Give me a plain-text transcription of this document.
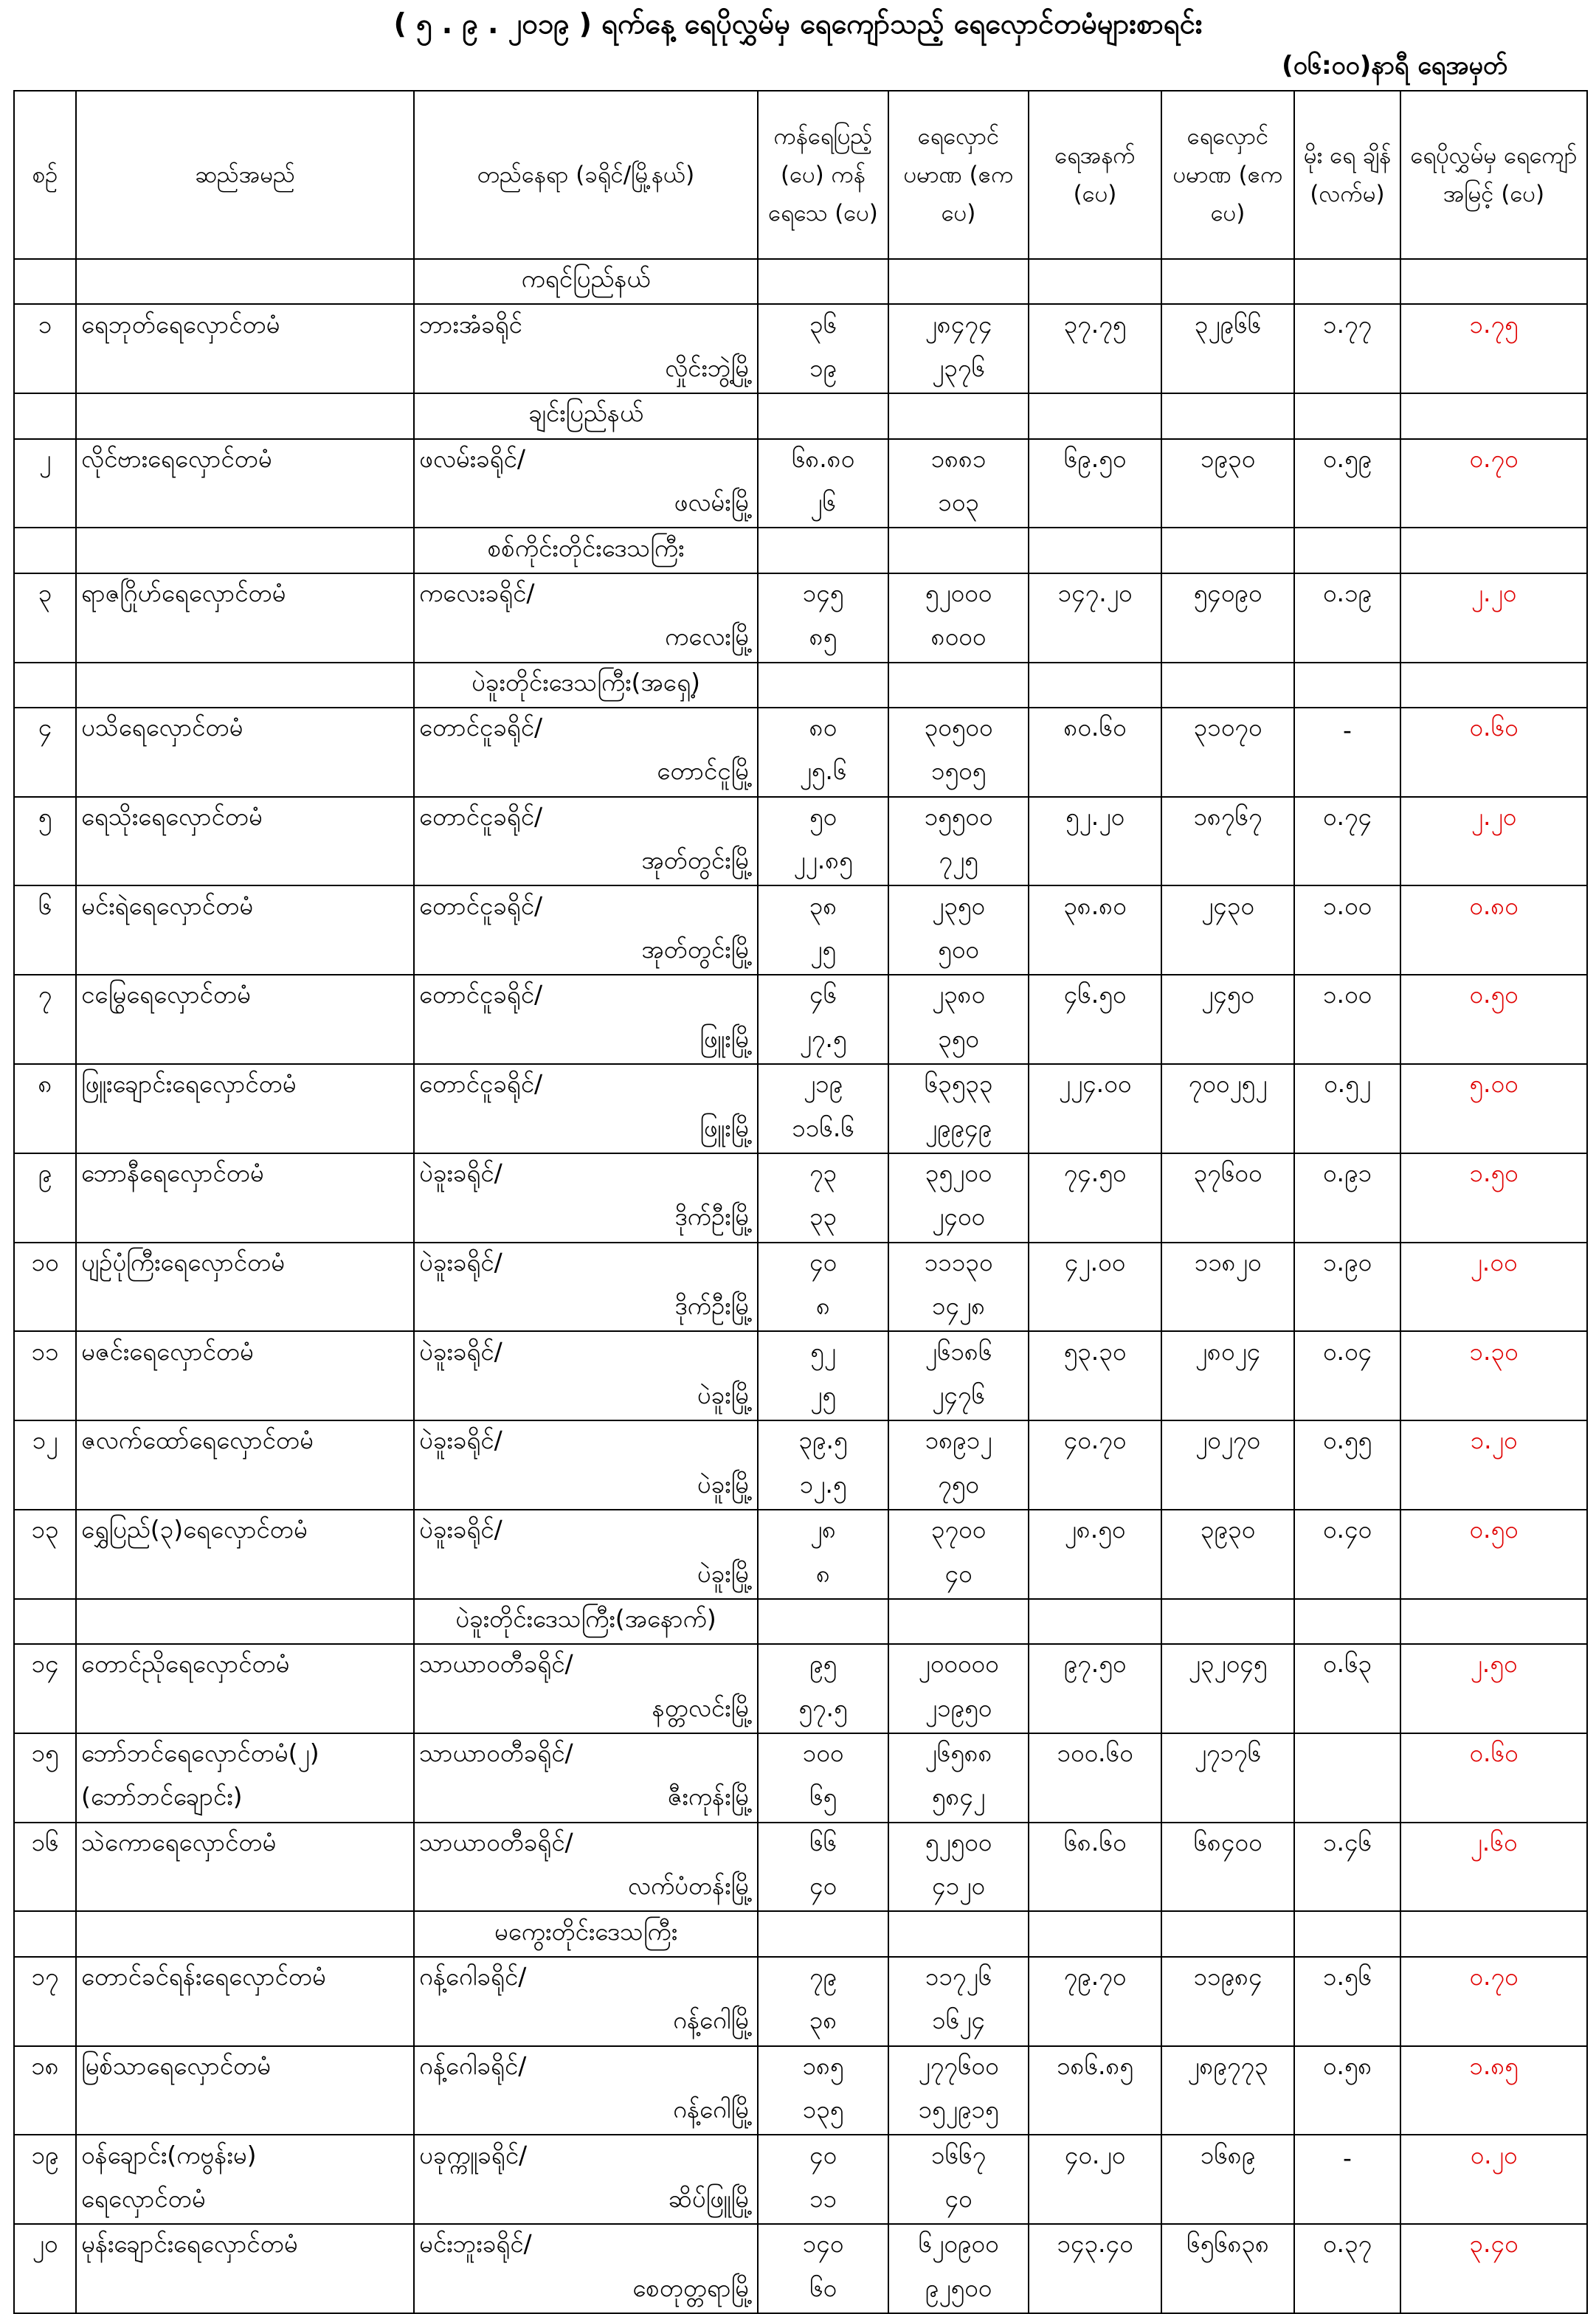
( ၅ . ၉ . ၂၀၁၉ ) ရက်နေ့ ရေပိုလွှမ်မှ ရေကျော်သည့် ရေလှောင်တမံများစာရင်း
(၀၆:၀၀)နာရီ ရေအမှတ်
စဉ်	ဆည်အမည်	တည်နေရာ (ခရိုင်/မြို့နယ်)	ကန်ရေပြည့် (ပေ) ကန်ရေသေ (ပေ)	ရေလှောင် ပမာဏ (ဧကပေ)	ရေအနက် (ပေ)	ရေလှောင် ပမာဏ (ဧကပေ)	မိုး ရေ ချိန် (လက်မ)	ရေပိုလွှမ်မှ ရေကျော် အမြင့် (ပေ)
		ကရင်ပြည်နယ်						
၁	ရေဘုတ်ရေလှောင်တမံ	ဘားအံခရိုင်	၃၆	၂၈၄၇၄	၃၇.၇၅	၃၂၉၆၆	၁.၇၇	၁.၇၅
		လှိုင်းဘွဲ့မြို့	၁၉	၂၃၇၆				
		ချင်းပြည်နယ်						
၂	လိုင်ဗားရေလှောင်တမံ	ဖလမ်းခရိုင်/	၆၈.၈၀	၁၈၈၁	၆၉.၅၀	၁၉၃၀	၀.၅၉	၀.၇၀
		ဖလမ်းမြို့	၂၆	၁၀၃				
		စစ်ကိုင်းတိုင်းဒေသကြီး						
၃	ရာဇဂြိုဟ်ရေလှောင်တမံ	ကလေးခရိုင်/	၁၄၅	၅၂၀၀၀	၁၄၇.၂၀	၅၄၀၉၀	၀.၁၉	၂.၂၀
		ကလေးမြို့	၈၅	၈၀၀၀				
		ပဲခူးတိုင်းဒေသကြီး(အရှေ့)						
၄	ပသိရေလှောင်တမံ	တောင်ငူခရိုင်/	၈၀	၃၀၅၀၀	၈၀.၆၀	၃၁၀၇၀	-	၀.၆၀
		တောင်ငူမြို့	၂၅.၆	၁၅၀၅				
၅	ရေသိုးရေလှောင်တမံ	တောင်ငူခရိုင်/	၅၀	၁၅၅၀၀	၅၂.၂၀	၁၈၇၆၇	၀.၇၄	၂.၂၀
		အုတ်တွင်းမြို့	၂၂.၈၅	၇၂၅				
၆	မင်းရဲရေလှောင်တမံ	တောင်ငူခရိုင်/	၃၈	၂၃၅၀	၃၈.၈၀	၂၄၃၀	၁.၀၀	၀.၈၀
		အုတ်တွင်းမြို့	၂၅	၅၀၀				
၇	ငမြွေရေလှောင်တမံ	တောင်ငူခရိုင်/	၄၆	၂၃၈၀	၄၆.၅၀	၂၄၅၀	၁.၀၀	၀.၅၀
		ဖြူးမြို့	၂၇.၅	၃၅၀				
၈	ဖြူးချောင်းရေလှောင်တမံ	တောင်ငူခရိုင်/	၂၁၉	၆၃၅၃၃	၂၂၄.၀၀	၇၀၀၂၅၂	၀.၅၂	၅.၀၀
		ဖြူးမြို့	၁၁၆.၆	၂၉၉၄၉				
၉	ဘောနီရေလှောင်တမံ	ပဲခူးခရိုင်/	၇၃	၃၅၂၀၀	၇၄.၅၀	၃၇၆၀၀	၀.၉၁	၁.၅၀
		ဒိုက်ဦးမြို့	၃၃	၂၄၀၀				
၁၀	ပျဉ်ပုံကြီးရေလှောင်တမံ	ပဲခူးခရိုင်/	၄၀	၁၁၁၃၀	၄၂.၀၀	၁၁၈၂၀	၁.၉၀	၂.၀၀
		ဒိုက်ဦးမြို့	၈	၁၄၂၈				
၁၁	မဇင်းရေလှောင်တမံ	ပဲခူးခရိုင်/	၅၂	၂၆၁၈၆	၅၃.၃၀	၂၈၀၂၄	၀.၀၄	၁.၃၀
		ပဲခူးမြို့	၂၅	၂၄၇၆				
၁၂	ဇလက်ထော်ရေလှောင်တမံ	ပဲခူးခရိုင်/	၃၉.၅	၁၈၉၁၂	၄၀.၇၀	၂၀၂၇၀	၀.၅၅	၁.၂၀
		ပဲခူးမြို့	၁၂.၅	၇၅၀				
၁၃	ရွှေပြည်(၃)ရေလှောင်တမံ	ပဲခူးခရိုင်/	၂၈	၃၇၀၀	၂၈.၅၀	၃၉၃၀	၀.၄၀	၀.၅၀
		ပဲခူးမြို့	၈	၄၀				
		ပဲခူးတိုင်းဒေသကြီး(အနောက်)						
၁၄	တောင်ညိုရေလှောင်တမံ	သာယာဝတီခရိုင်/	၉၅	၂၀၀၀၀၀	၉၇.၅၀	၂၃၂၀၄၅	၀.၆၃	၂.၅၀
		နတ္တလင်းမြို့	၅၇.၅	၂၁၉၅၀				
၁၅	ဘော်ဘင်ရေလှောင်တမံ(၂)	သာယာဝတီခရိုင်/	၁၀၀	၂၆၅၈၈	၁၀၀.၆၀	၂၇၁၇၆		၀.၆၀
	(ဘော်ဘင်ချောင်း)	ဇီးကုန်းမြို့	၆၅	၅၈၄၂				
၁၆	သဲကောရေလှောင်တမံ	သာယာဝတီခရိုင်/	၆၆	၅၂၅၀၀	၆၈.၆၀	၆၈၄၀၀	၁.၄၆	၂.၆၀
		လက်ပံတန်းမြို့	၄၀	၄၁၂၀				
		မကွေးတိုင်းဒေသကြီး						
၁၇	တောင်ခင်ရန်းရေလှောင်တမံ	ဂန့်ဂေါခရိုင်/	၇၉	၁၁၇၂၆	၇၉.၇၀	၁၁၉၈၄	၁.၅၆	၀.၇၀
		ဂန့်ဂေါမြို့	၃၈	၁၆၂၄				
၁၈	မြစ်သာရေလှောင်တမံ	ဂန့်ဂေါခရိုင်/	၁၈၅	၂၇၇၆၀၀	၁၈၆.၈၅	၂၈၉၇၇၃	၀.၅၈	၁.၈၅
		ဂန့်ဂေါမြို့	၁၃၅	၁၅၂၉၁၅				
၁၉	ဝန်ချောင်း(ကဗွန်းမ)	ပခုက္ကူခရိုင်/	၄၀	၁၆၆၇	၄၀.၂၀	၁၆၈၉	-	၀.၂၀
	ရေလှောင်တမံ	ဆိပ်ဖြူမြို့	၁၁	၄၀				
၂၀	မုန်းချောင်းရေလှောင်တမံ	မင်းဘူးခရိုင်/	၁၄၀	၆၂၀၉၀၀	၁၄၃.၄၀	၆၅၆၈၃၈	၀.၃၇	၃.၄၀
		စေတုတ္တရာမြို့	၆၀	၉၂၅၀၀				
